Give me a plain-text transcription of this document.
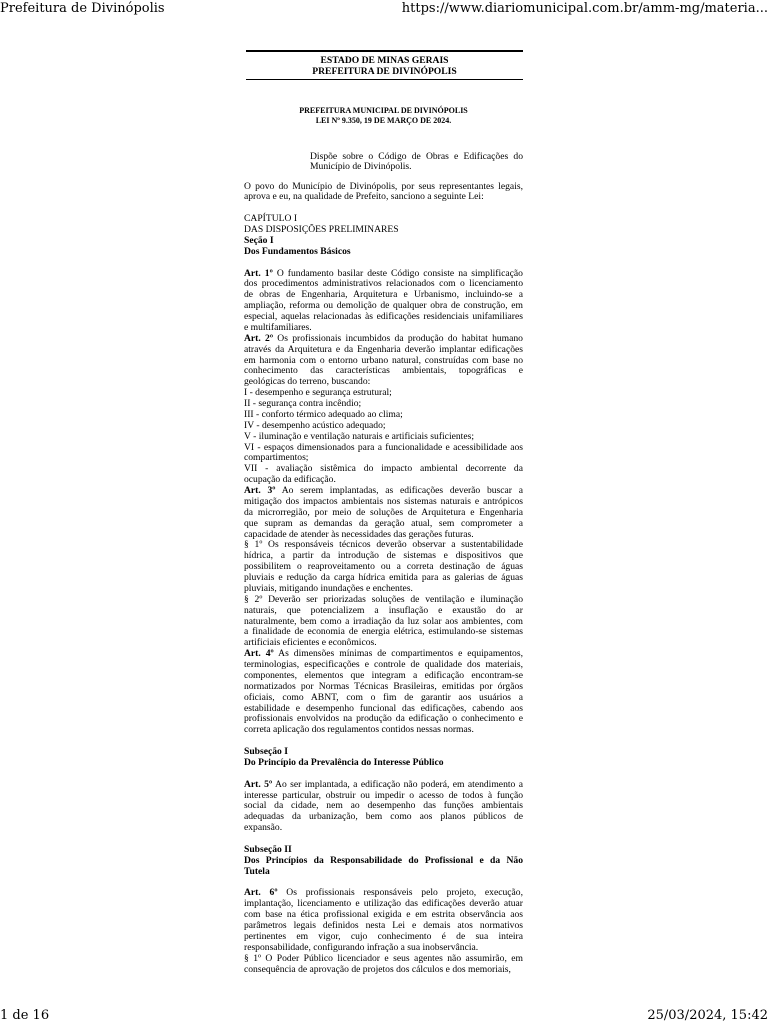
Prefeitura de Divinópolis	https://www.diariomunicipal.com.br/amm-mg/materia...
1 de 16	25/03/2024, 15:42
ESTADO DE MINAS GERAIS
PREFEITURA DE DIVINÓPOLIS
PREFEITURA MUNICIPAL DE DIVINÓPOLIS
LEI Nº 9.350, 19 DE MARÇO DE 2024.
Dispõe sobre o Código de Obras e Edificações do
Município de Divinópolis.
O povo do Município de Divinópolis, por seus representantes legais,
aprova e eu, na qualidade de Prefeito, sanciono a seguinte Lei:
CAPÍTULO I
DAS DISPOSIÇÕES PRELIMINARES
Seção I
Dos Fundamentos Básicos
Art. 1º O fundamento basilar deste Código consiste na simplificação
dos procedimentos administrativos relacionados com o licenciamento
de obras de Engenharia, Arquitetura e Urbanismo, incluindo-se a
ampliação, reforma ou demolição de qualquer obra de construção, em
especial, aquelas relacionadas às edificações residenciais unifamiliares
e multifamiliares.
Art. 2º Os profissionais incumbidos da produção do habitat humano
através da Arquitetura e da Engenharia deverão implantar edificações
em harmonia com o entorno urbano natural, construídas com base no
conhecimento das características ambientais, topográficas e
geológicas do terreno, buscando:
I - desempenho e segurança estrutural;
II - segurança contra incêndio;
III - conforto térmico adequado ao clima;
IV - desempenho acústico adequado;
V - iluminação e ventilação naturais e artificiais suficientes;
VI - espaços dimensionados para a funcionalidade e acessibilidade aos
compartimentos;
VII - avaliação sistêmica do impacto ambiental decorrente da
ocupação da edificação.
Art. 3º Ao serem implantadas, as edificações deverão buscar a
mitigação dos impactos ambientais nos sistemas naturais e antrópicos
da microrregião, por meio de soluções de Arquitetura e Engenharia
que supram as demandas da geração atual, sem comprometer a
capacidade de atender às necessidades das gerações futuras.
§ 1º Os responsáveis técnicos deverão observar a sustentabilidade
hídrica, a partir da introdução de sistemas e dispositivos que
possibilitem o reaproveitamento ou a correta destinação de águas
pluviais e redução da carga hídrica emitida para as galerias de águas
pluviais, mitigando inundações e enchentes.
§ 2º Deverão ser priorizadas soluções de ventilação e iluminação
naturais, que potencializem a insuflação e exaustão do ar
naturalmente, bem como a irradiação da luz solar aos ambientes, com
a finalidade de economia de energia elétrica, estimulando-se sistemas
artificiais eficientes e econômicos.
Art. 4º As dimensões mínimas de compartimentos e equipamentos,
terminologias, especificações e controle de qualidade dos materiais,
componentes, elementos que integram a edificação encontram-se
normatizados por Normas Técnicas Brasileiras, emitidas por órgãos
oficiais, como ABNT, com o fim de garantir aos usuários a
estabilidade e desempenho funcional das edificações, cabendo aos
profissionais envolvidos na produção da edificação o conhecimento e
correta aplicação dos regulamentos contidos nessas normas.
Subseção I
Do Princípio da Prevalência do Interesse Público
Art. 5º Ao ser implantada, a edificação não poderá, em atendimento a
interesse particular, obstruir ou impedir o acesso de todos à função
social da cidade, nem ao desempenho das funções ambientais
adequadas da urbanização, bem como aos planos públicos de
expansão.
Subseção II
Dos Princípios da Responsabilidade do Profissional e da Não
Tutela
Art. 6º Os profissionais responsáveis pelo projeto, execução,
implantação, licenciamento e utilização das edificações deverão atuar
com base na ética profissional exigida e em estrita observância aos
parâmetros legais definidos nesta Lei e demais atos normativos
pertinentes em vigor, cujo conhecimento é de sua inteira
responsabilidade, configurando infração a sua inobservância.
§ 1º O Poder Público licenciador e seus agentes não assumirão, em
consequência de aprovação de projetos dos cálculos e dos memoriais,
